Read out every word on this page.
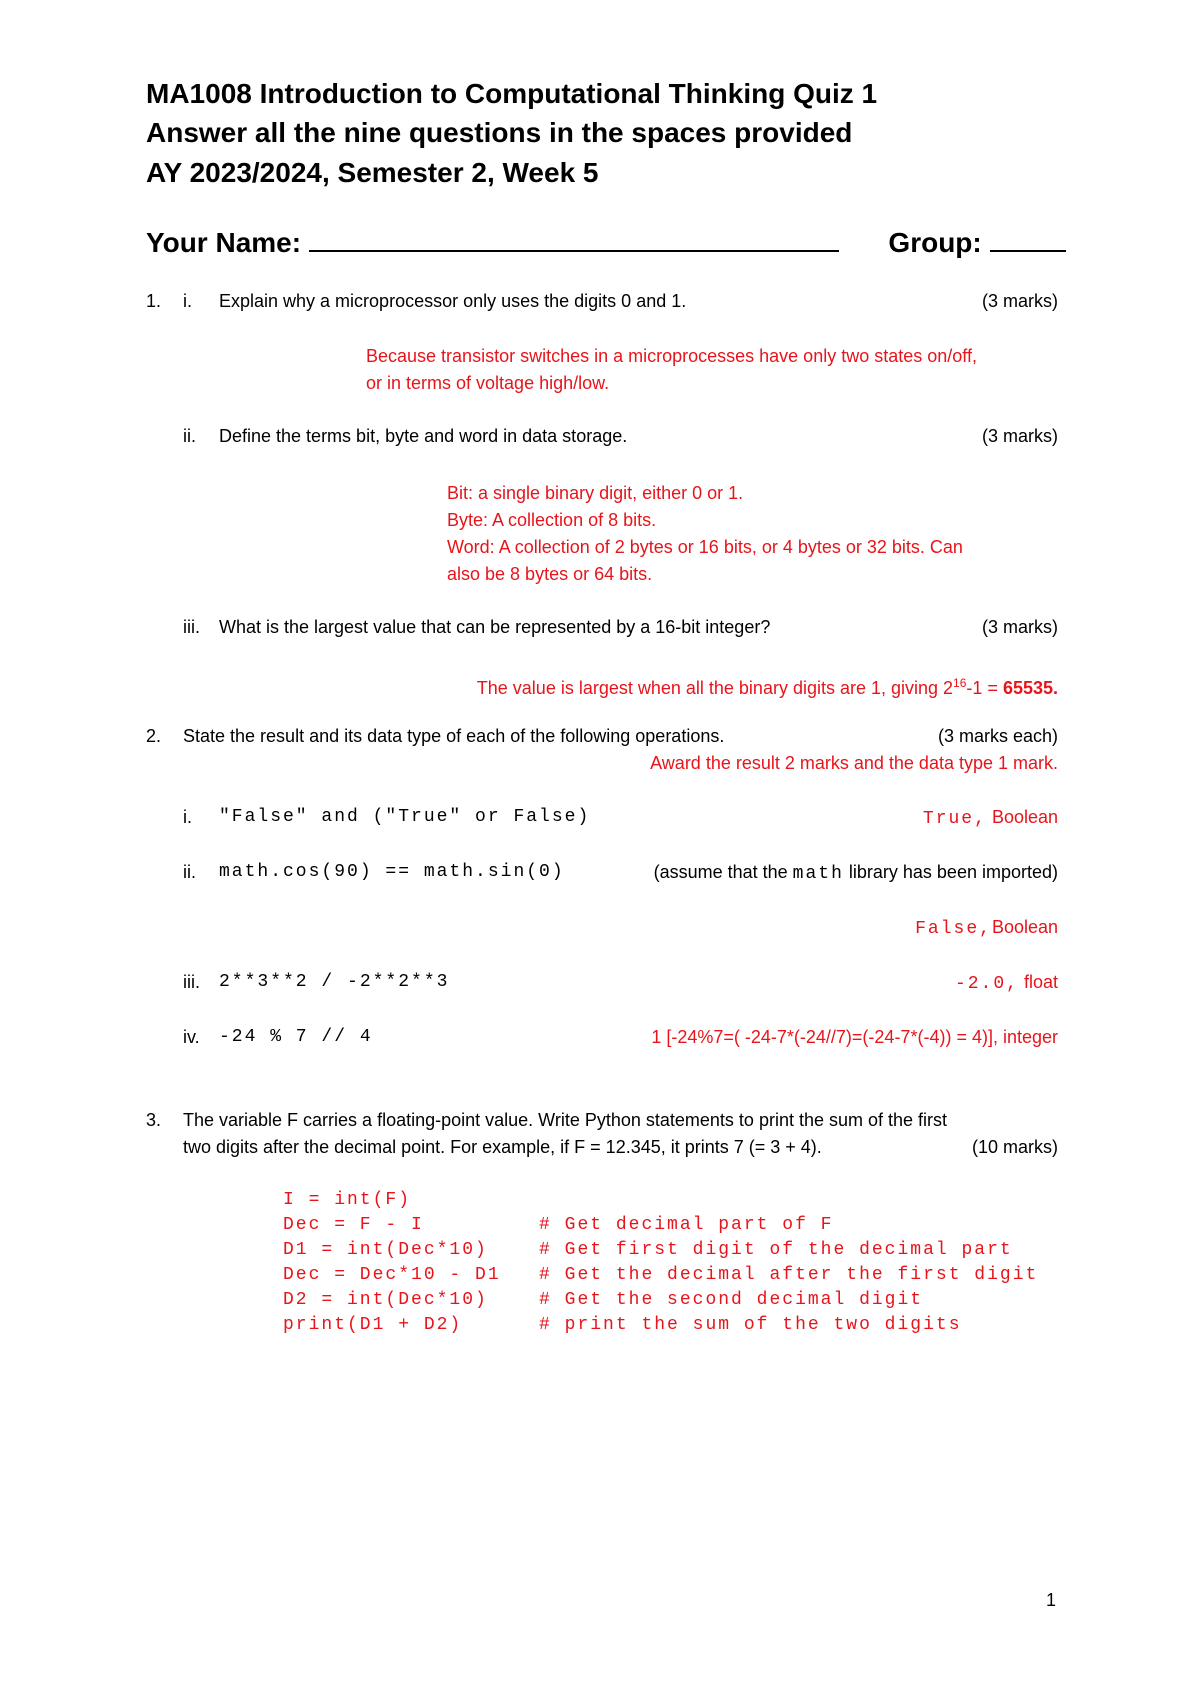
MA1008 Introduction to Computational Thinking Quiz 1
Answer all the nine questions in the spaces provided
AY 2023/2024, Semester 2, Week 5
Your Name:	Group:
1. i. Explain why a microprocessor only uses the digits 0 and 1.	(3 marks)
Because transistor switches in a microprocesses have only two states on/off,
or in terms of voltage high/low.
ii. Define the terms bit, byte and word in data storage.	(3 marks)
Bit: a single binary digit, either 0 or 1.
Byte: A collection of 8 bits.
Word: A collection of 2 bytes or 16 bits, or 4 bytes or 32 bits. Can
also be 8 bytes or 64 bits.
iii. What is the largest value that can be represented by a 16-bit integer?	(3 marks)
The value is largest when all the binary digits are 1, giving $2^{16}-1 = 65535$.
2. State the result and its data type of each of the following operations.	(3 marks each)
Award the result 2 marks and the data type 1 mark.
i. "False" and ("True" or False)	True, Boolean
ii. math.cos(90) == math.sin(0)	(assume that the math library has been imported)
False,Boolean
iii. 2**3**2 / -2**2**3	-2.0, float
iv. -24 % 7 // 4	1 [-24%7=( -24-7*(-24//7)=(-24-7*(-4)) = 4)], integer
3. The variable F carries a floating-point value. Write Python statements to print the sum of the first
two digits after the decimal point. For example, if F = 12.345, it prints 7 (= 3 + 4).	(10 marks)
I = int(F)
Dec = F - I         # Get decimal part of F
D1 = int(Dec*10)    # Get first digit of the decimal part
Dec = Dec*10 - D1   # Get the decimal after the first digit
D2 = int(Dec*10)    # Get the second decimal digit
print(D1 + D2)      # print the sum of the two digits
1
